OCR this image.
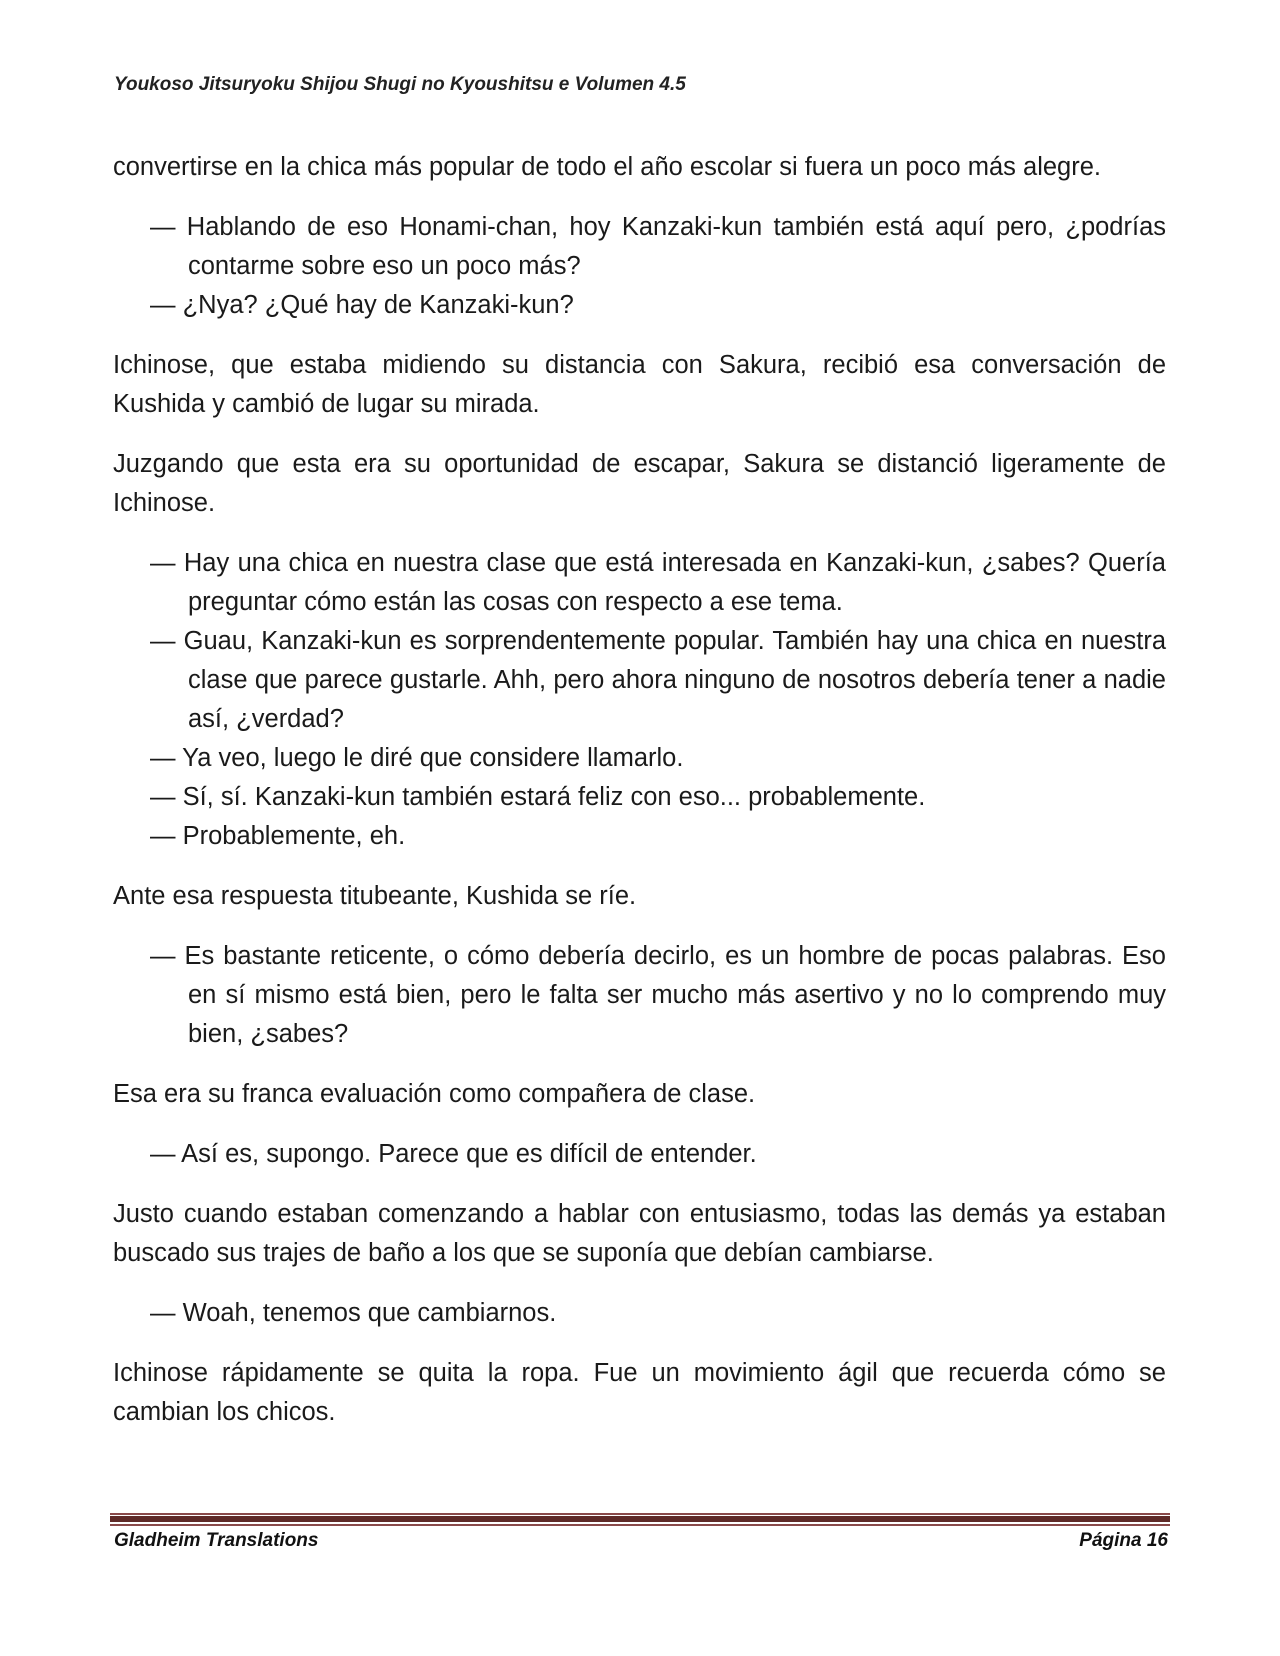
Youkoso Jitsuryoku Shijou Shugi no Kyoushitsu e Volumen 4.5

convertirse en la chica más popular de todo el año escolar si fuera un poco más alegre.

— Hablando de eso Honami-chan, hoy Kanzaki-kun también está aquí pero, ¿podrías contarme sobre eso un poco más?
— ¿Nya? ¿Qué hay de Kanzaki-kun?

Ichinose, que estaba midiendo su distancia con Sakura, recibió esa conversación de Kushida y cambió de lugar su mirada.

Juzgando que esta era su oportunidad de escapar, Sakura se distanció ligeramente de Ichinose.

— Hay una chica en nuestra clase que está interesada en Kanzaki-kun, ¿sabes? Quería preguntar cómo están las cosas con respecto a ese tema.
— Guau, Kanzaki-kun es sorprendentemente popular. También hay una chica en nuestra clase que parece gustarle. Ahh, pero ahora ninguno de nosotros debería tener a nadie así, ¿verdad?
— Ya veo, luego le diré que considere llamarlo.
— Sí, sí. Kanzaki-kun también estará feliz con eso... probablemente.
— Probablemente, eh.

Ante esa respuesta titubeante, Kushida se ríe.

— Es bastante reticente, o cómo debería decirlo, es un hombre de pocas palabras. Eso en sí mismo está bien, pero le falta ser mucho más asertivo y no lo comprendo muy bien, ¿sabes?

Esa era su franca evaluación como compañera de clase.

— Así es, supongo. Parece que es difícil de entender.

Justo cuando estaban comenzando a hablar con entusiasmo, todas las demás ya estaban buscado sus trajes de baño a los que se suponía que debían cambiarse.

— Woah, tenemos que cambiarnos.

Ichinose rápidamente se quita la ropa. Fue un movimiento ágil que recuerda cómo se cambian los chicos.

Gladheim Translations	Página 16
